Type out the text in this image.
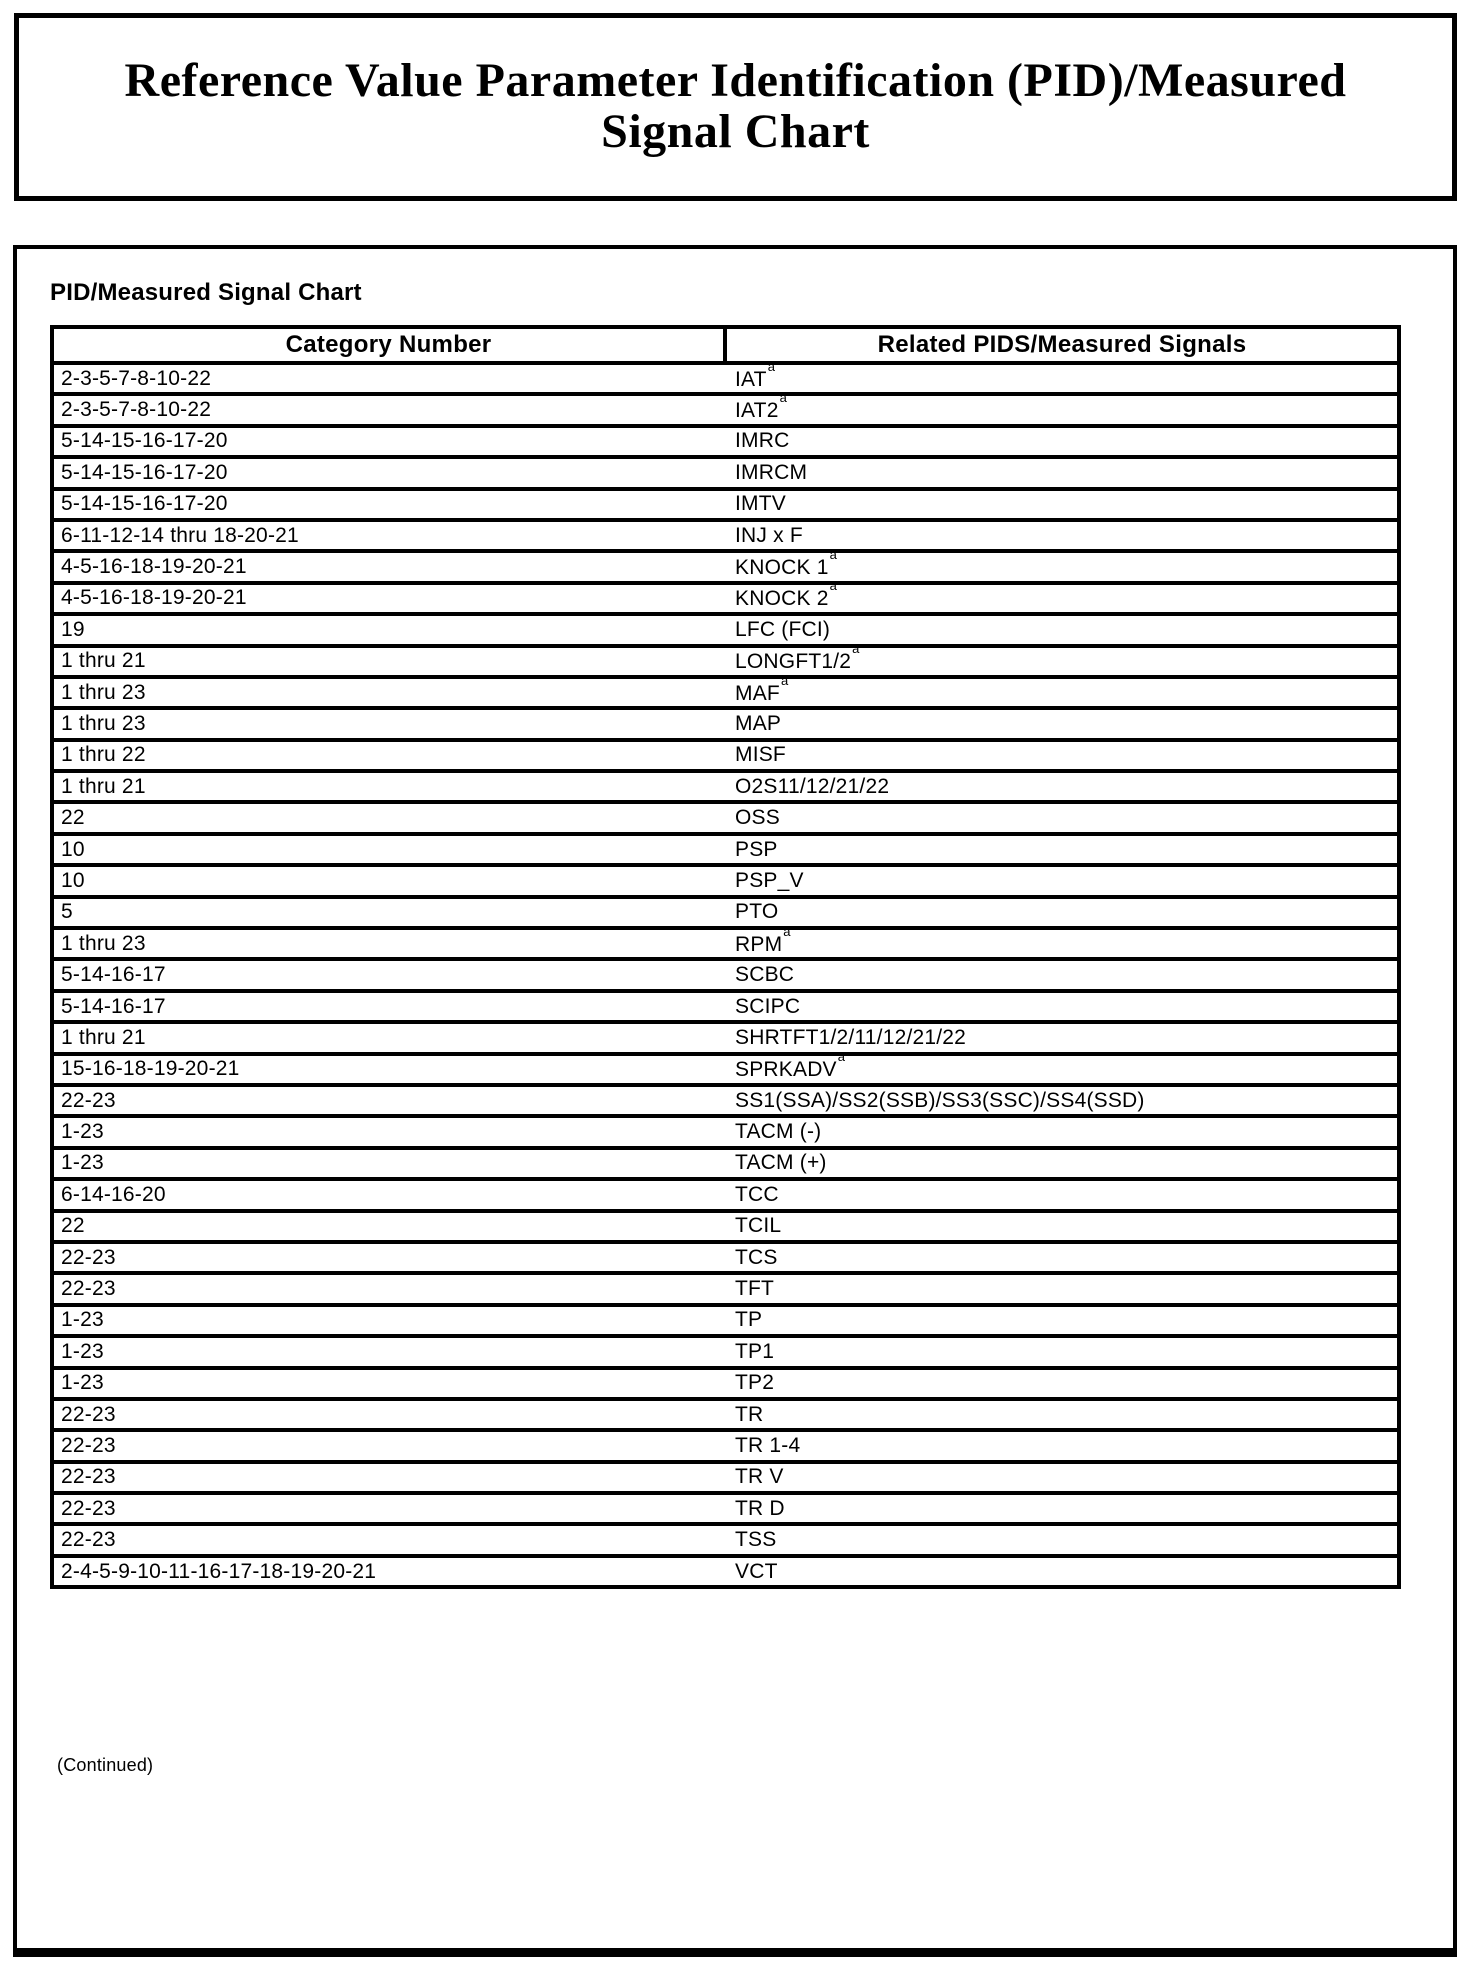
Reference Value Parameter Identification (PID)/Measured
Signal Chart
PID/Measured Signal Chart
Category Number	Related PIDS/Measured Signals
2-3-5-7-8-10-22	IAT$^a$
2-3-5-7-8-10-22	IAT2$^a$
5-14-15-16-17-20	IMRC
5-14-15-16-17-20	IMRCM
5-14-15-16-17-20	IMTV
6-11-12-14 thru 18-20-21	INJ x F
4-5-16-18-19-20-21	KNOCK 1$^a$
4-5-16-18-19-20-21	KNOCK 2$^a$
19	LFC (FCI)
1 thru 21	LONGFT1/2$^a$
1 thru 23	MAF$^a$
1 thru 23	MAP
1 thru 22	MISF
1 thru 21	O2S11/12/21/22
22	OSS
10	PSP
10	PSP_V
5	PTO
1 thru 23	RPM$^a$
5-14-16-17	SCBC
5-14-16-17	SCIPC
1 thru 21	SHRTFT1/2/11/12/21/22
15-16-18-19-20-21	SPRKADV$^a$
22-23	SS1(SSA)/SS2(SSB)/SS3(SSC)/SS4(SSD)
1-23	TACM (-)
1-23	TACM (+)
6-14-16-20	TCC
22	TCIL
22-23	TCS
22-23	TFT
1-23	TP
1-23	TP1
1-23	TP2
22-23	TR
22-23	TR 1-4
22-23	TR V
22-23	TR D
22-23	TSS
2-4-5-9-10-11-16-17-18-19-20-21	VCT
(Continued)
